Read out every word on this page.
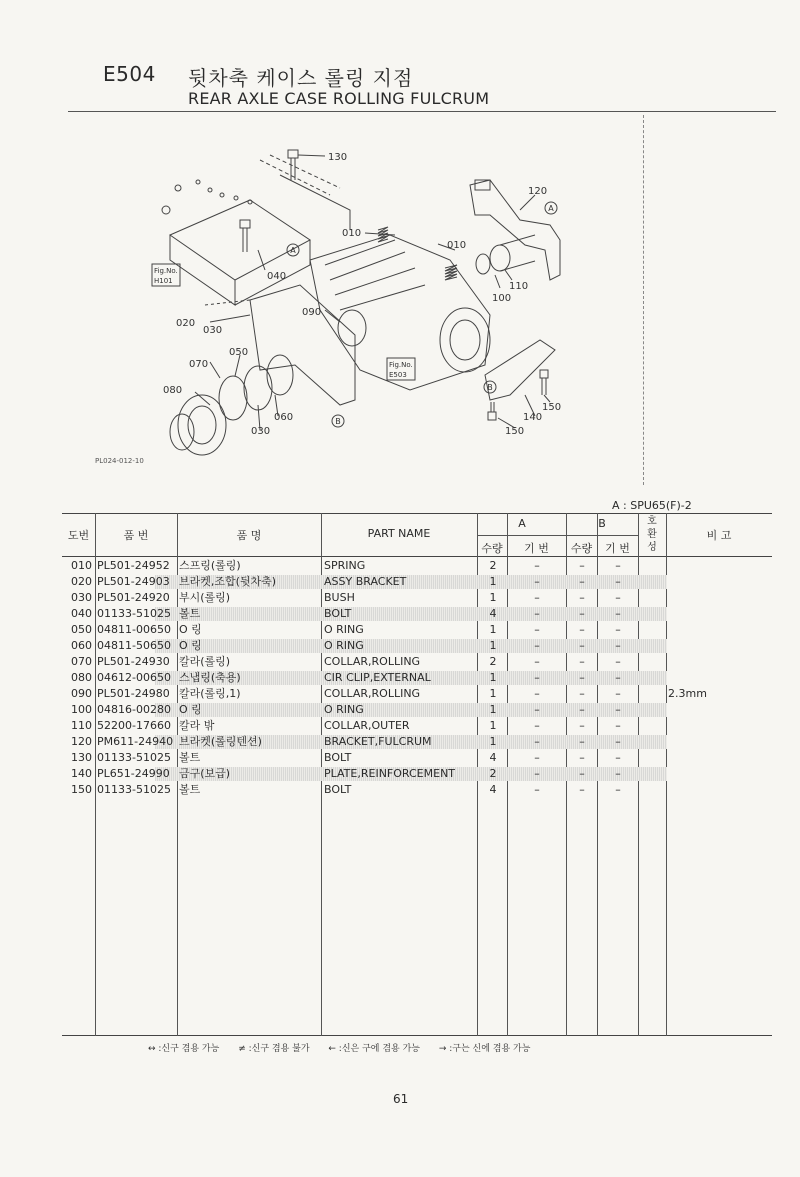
E504 뒷차축 케이스 롤링 지점
REAR AXLE CASE ROLLING FULCRUM
130
120
010
010
110
100
040
020
030
090
050
070
080
060
030
150
140
150
A
A
B
B
Fig.No.
H101
Fig.No.
E503
PL024-012-10
A : SPU65(F)-2
도번	품 번	품 명	PART NAME
A	B
수량	기 번	수량	기 번
호환성
비 고
010 PL501-24952 스프링(롤링)	SPRING	2	–	–	–
020 PL501-24903 브라켓,조합(뒷차축)	ASSY BRACKET	1	–	–	–
030 PL501-24920 부시(롤링)	BUSH	1	–	–	–
040 01133-51025 볼트	BOLT	4	–	–	–
050 04811-00650 O 링	O RING	1	–	–	–
060 04811-50650 O 링	O RING	1	–	–	–
070 PL501-24930 칼라(롤링)	COLLAR,ROLLING	2	–	–	–
080 04612-00650 스냅링(축용)	CIR CLIP,EXTERNAL	1	–	–	–
090 PL501-24980 칼라(롤링,1)	COLLAR,ROLLING	1	–	–	–	2.3mm
100 04816-00280 O 링	O RING	1	–	–	–
110 52200-17660 칼라 밖	COLLAR,OUTER	1	–	–	–
120 PM611-24940 브라켓(롤링텐션)	BRACKET,FULCRUM	1	–	–	–
130 01133-51025 볼트	BOLT	4	–	–	–
140 PL651-24990 금구(보급)	PLATE,REINFORCEMENT	2	–	–	–
150 01133-51025 볼트	BOLT	4	–	–	–
↔ :신구 겸용 가능 ≠ :신구 겸용 불가 ← :신은 구에 겸용 가능 → :구는 신에 겸용 가능
61
